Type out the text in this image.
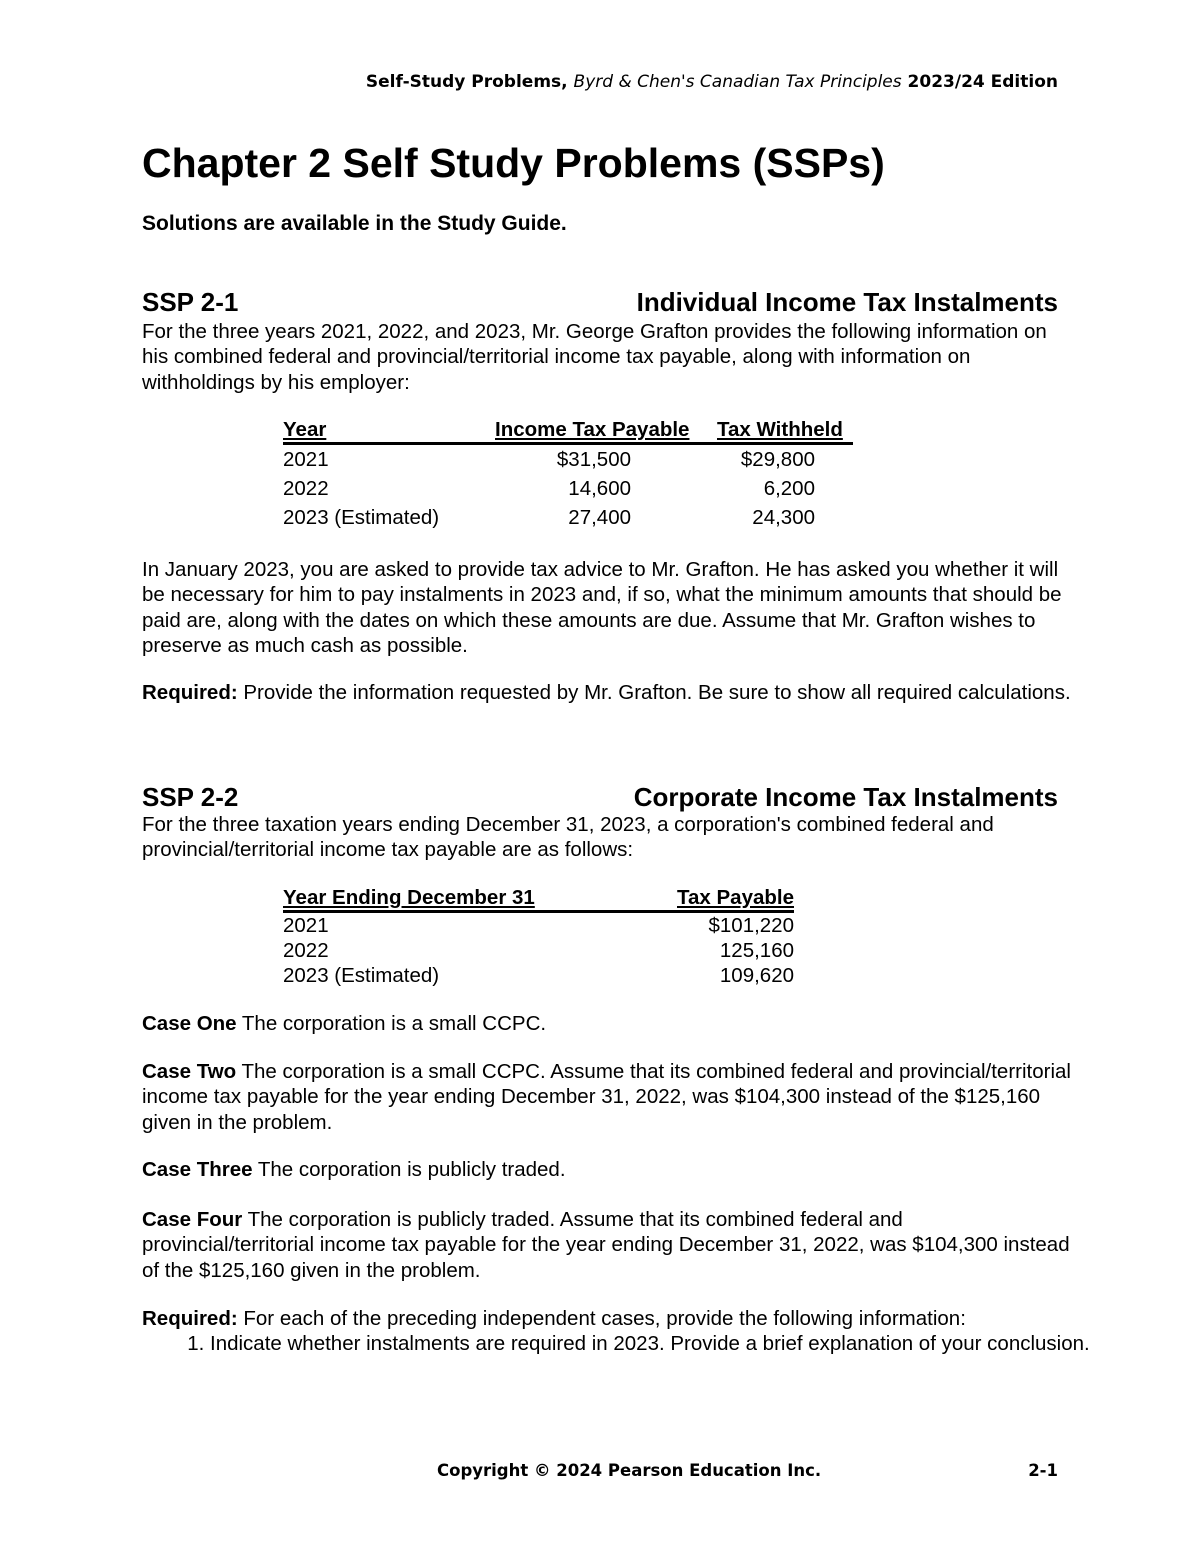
Self-Study Problems, Byrd & Chen's Canadian Tax Principles 2023/24 Edition
Chapter 2 Self Study Problems (SSPs)
Solutions are available in the Study Guide.
SSP 2-1	Individual Income Tax Instalments

For the three years 2021, 2022, and 2023, Mr. George Grafton provides the following information on his combined federal and provincial/territorial income tax payable, along with information on withholdings by his employer:

Year	Income Tax Payable	Tax Withheld
2021	$31,500	$29,800
2022	14,600	6,200
2023 (Estimated)	27,400	24,300

In January 2023, you are asked to provide tax advice to Mr. Grafton. He has asked you whether it will be necessary for him to pay instalments in 2023 and, if so, what the minimum amounts that should be paid are, along with the dates on which these amounts are due. Assume that Mr. Grafton wishes to preserve as much cash as possible.

Required: Provide the information requested by Mr. Grafton. Be sure to show all required calculations.

SSP 2-2	Corporate Income Tax Instalments

For the three taxation years ending December 31, 2023, a corporation's combined federal and provincial/territorial income tax payable are as follows:

Year Ending December 31	Tax Payable
2021	$101,220
2022	125,160
2023 (Estimated)	109,620

Case One The corporation is a small CCPC.

Case Two The corporation is a small CCPC. Assume that its combined federal and provincial/territorial income tax payable for the year ending December 31, 2022, was $104,300 instead of the $125,160 given in the problem.

Case Three The corporation is publicly traded.

Case Four The corporation is publicly traded. Assume that its combined federal and provincial/territorial income tax payable for the year ending December 31, 2022, was $104,300 instead of the $125,160 given in the problem.

Required: For each of the preceding independent cases, provide the following information:

1. Indicate whether instalments are required in 2023. Provide a brief explanation of your conclusion.
Copyright © 2024 Pearson Education Inc.	2-1
